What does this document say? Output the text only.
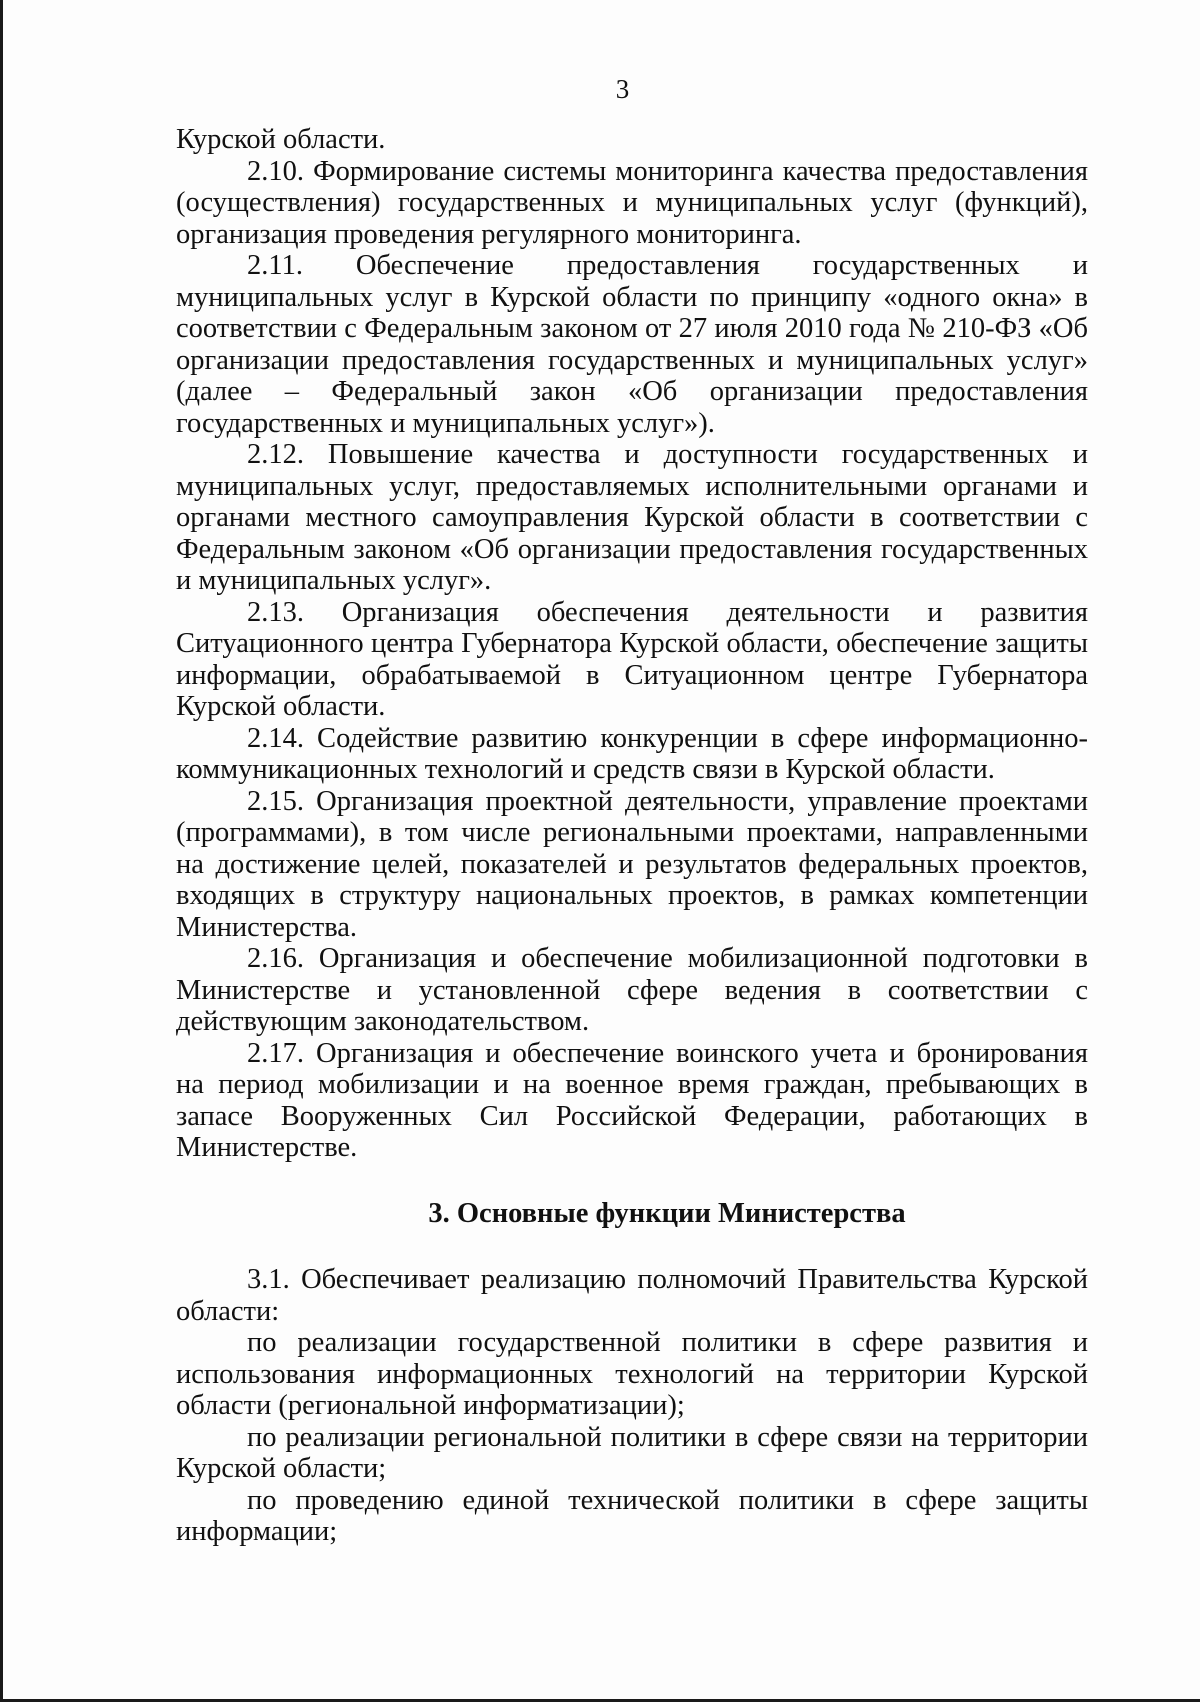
3

Курской области.

2.10. Формирование системы мониторинга качества предоставления (осуществления) государственных и муниципальных услуг (функций), организация проведения регулярного мониторинга.

2.11. Обеспечение предоставления государственных и муниципальных услуг в Курской области по принципу «одного окна» в соответствии с Федеральным законом от 27 июля 2010 года № 210-ФЗ «Об организации предоставления государственных и муниципальных услуг» (далее – Федеральный закон «Об организации предоставления государственных и муниципальных услуг»).

2.12. Повышение качества и доступности государственных и муниципальных услуг, предоставляемых исполнительными органами и органами местного самоуправления Курской области в соответствии с Федеральным законом «Об организации предоставления государственных и муниципальных услуг».

2.13. Организация обеспечения деятельности и развития Ситуационного центра Губернатора Курской области, обеспечение защиты информации, обрабатываемой в Ситуационном центре Губернатора Курской области.

2.14. Содействие развитию конкуренции в сфере информационно-коммуникационных технологий и средств связи в Курской области.

2.15. Организация проектной деятельности, управление проектами (программами), в том числе региональными проектами, направленными на достижение целей, показателей и результатов федеральных проектов, входящих в структуру национальных проектов, в рамках компетенции Министерства.

2.16. Организация и обеспечение мобилизационной подготовки в Министерстве и установленной сфере ведения в соответствии с действующим законодательством.

2.17. Организация и обеспечение воинского учета и бронирования на период мобилизации и на военное время граждан, пребывающих в запасе Вооруженных Сил Российской Федерации, работающих в Министерстве.

3. Основные функции Министерства

3.1. Обеспечивает реализацию полномочий Правительства Курской области:

по реализации государственной политики в сфере развития и использования информационных технологий на территории Курской области (региональной информатизации);

по реализации региональной политики в сфере связи на территории Курской области;

по проведению единой технической политики в сфере защиты информации;
